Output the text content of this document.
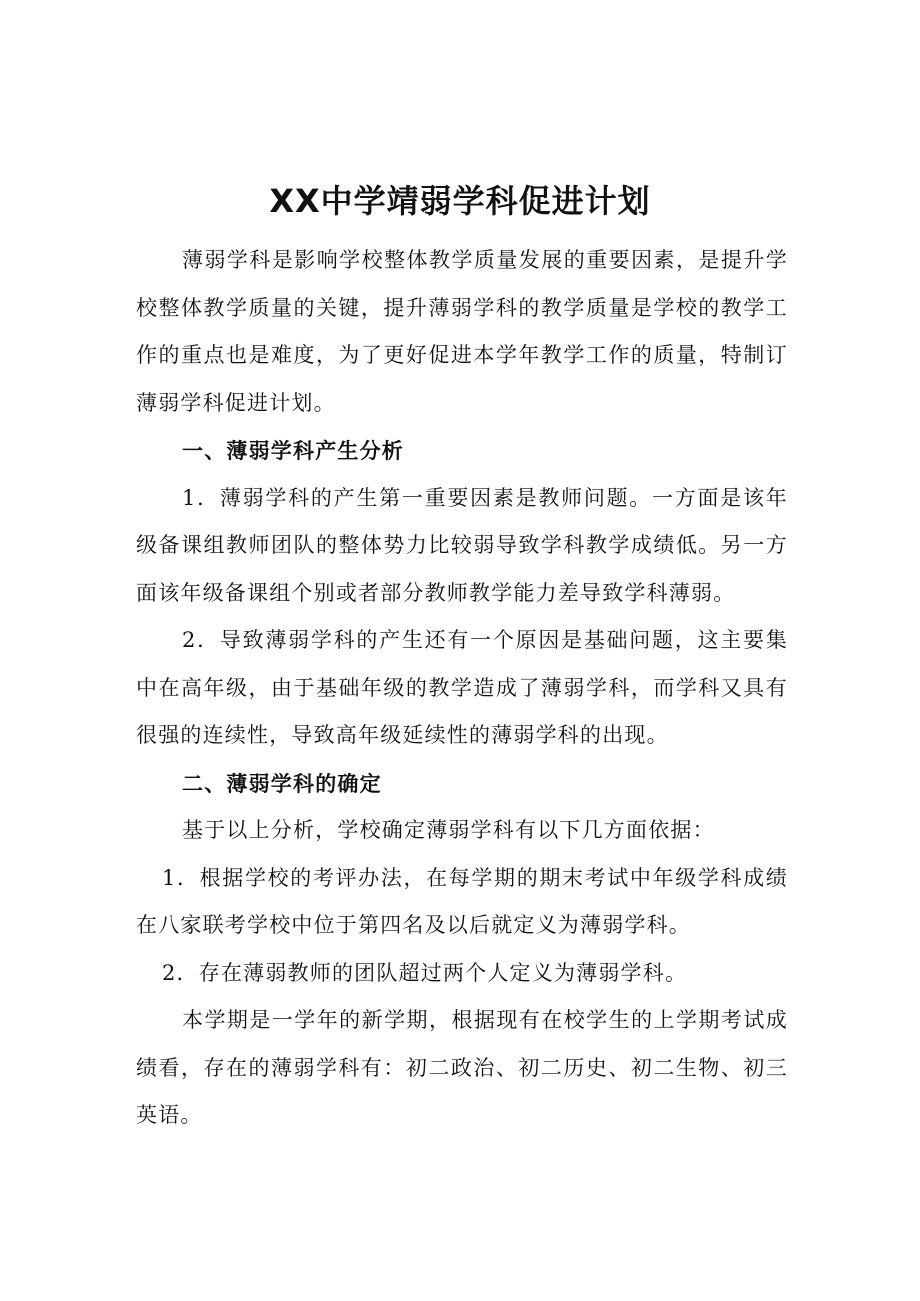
XX中学靖弱学科促进计划

薄弱学科是影响学校整体教学质量发展的重要因素，是提升学校整体教学质量的关键，提升薄弱学科的教学质量是学校的教学工作的重点也是难度，为了更好促进本学年教学工作的质量，特制订薄弱学科促进计划。

一、薄弱学科产生分析

1．薄弱学科的产生第一重要因素是教师问题。一方面是该年级备课组教师团队的整体势力比较弱导致学科教学成绩低。另一方面该年级备课组个别或者部分教师教学能力差导致学科薄弱。

2．导致薄弱学科的产生还有一个原因是基础问题，这主要集中在高年级，由于基础年级的教学造成了薄弱学科，而学科又具有很强的连续性，导致高年级延续性的薄弱学科的出现。

二、薄弱学科的确定

基于以上分析，学校确定薄弱学科有以下几方面依据：

1．根据学校的考评办法，在每学期的期末考试中年级学科成绩在八家联考学校中位于第四名及以后就定义为薄弱学科。

2．存在薄弱教师的团队超过两个人定义为薄弱学科。

本学期是一学年的新学期，根据现有在校学生的上学期考试成绩看，存在的薄弱学科有：初二政治、初二历史、初二生物、初三英语。
